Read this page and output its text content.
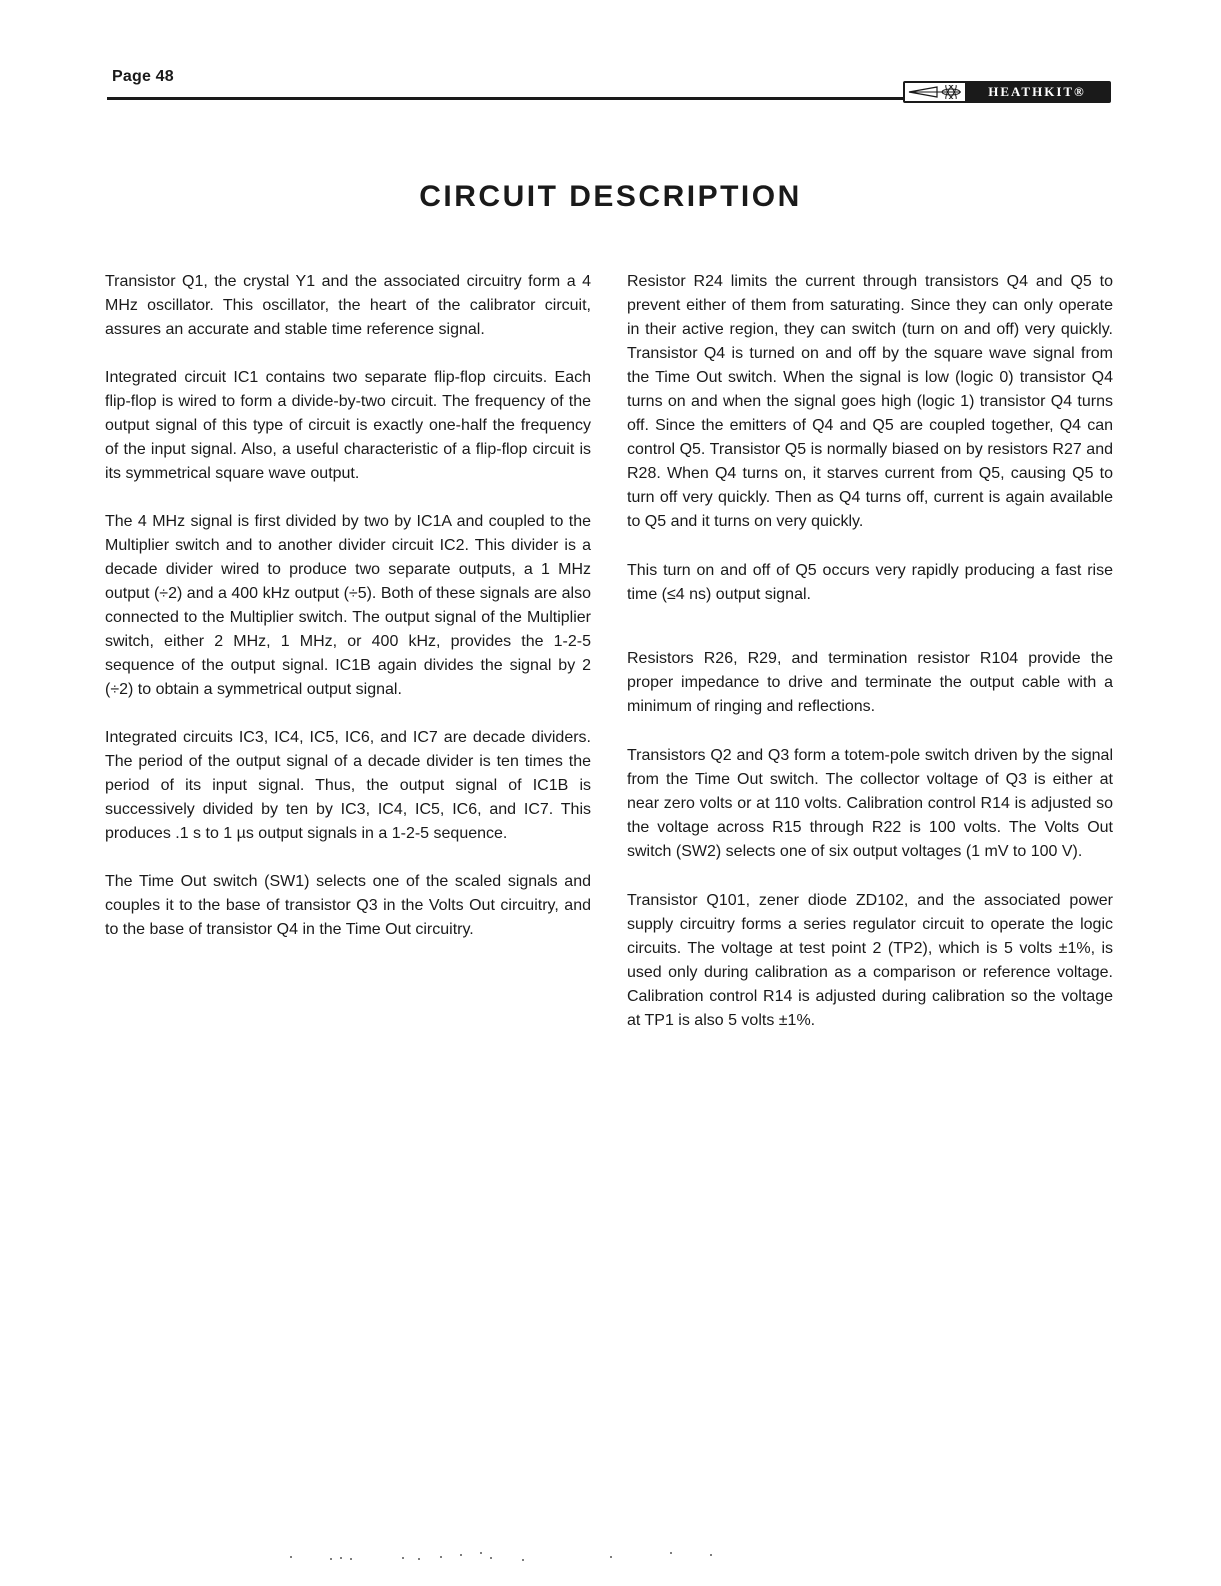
Page 48
HEATHKIT®
CIRCUIT DESCRIPTION

Transistor Q1, the crystal Y1 and the associated circuitry form a 4 MHz oscillator. This oscillator, the heart of the calibrator circuit, assures an accurate and stable time reference signal.

Integrated circuit IC1 contains two separate flip-flop circuits. Each flip-flop is wired to form a divide-by-two circuit. The frequency of the output signal of this type of circuit is exactly one-half the frequency of the input signal. Also, a useful characteristic of a flip-flop circuit is its symmetrical square wave output.

The 4 MHz signal is first divided by two by IC1A and coupled to the Multiplier switch and to another divider circuit IC2. This divider is a decade divider wired to produce two separate outputs, a 1 MHz output (÷2) and a 400 kHz output (÷5). Both of these signals are also connected to the Multiplier switch. The output signal of the Multiplier switch, either 2 MHz, 1 MHz, or 400 kHz, provides the 1-2-5 sequence of the output signal. IC1B again divides the signal by 2 (÷2) to obtain a symmetrical output signal.

Integrated circuits IC3, IC4, IC5, IC6, and IC7 are decade dividers. The period of the output signal of a decade divider is ten times the period of its input signal. Thus, the output signal of IC1B is successively divided by ten by IC3, IC4, IC5, IC6, and IC7. This produces .1 s to 1 µs output signals in a 1-2-5 sequence.

The Time Out switch (SW1) selects one of the scaled signals and couples it to the base of transistor Q3 in the Volts Out circuitry, and to the base of transistor Q4 in the Time Out circuitry.

Resistor R24 limits the current through transistors Q4 and Q5 to prevent either of them from saturating. Since they can only operate in their active region, they can switch (turn on and off) very quickly. Transistor Q4 is turned on and off by the square wave signal from the Time Out switch. When the signal is low (logic 0) transistor Q4 turns on and when the signal goes high (logic 1) transistor Q4 turns off. Since the emitters of Q4 and Q5 are coupled together, Q4 can control Q5. Transistor Q5 is normally biased on by resistors R27 and R28. When Q4 turns on, it starves current from Q5, causing Q5 to turn off very quickly. Then as Q4 turns off, current is again available to Q5 and it turns on very quickly.

This turn on and off of Q5 occurs very rapidly producing a fast rise time (≤4 ns) output signal.

Resistors R26, R29, and termination resistor R104 provide the proper impedance to drive and terminate the output cable with a minimum of ringing and reflections.

Transistors Q2 and Q3 form a totem-pole switch driven by the signal from the Time Out switch. The collector voltage of Q3 is either at near zero volts or at 110 volts. Calibration control R14 is adjusted so the voltage across R15 through R22 is 100 volts. The Volts Out switch (SW2) selects one of six output voltages (1 mV to 100 V).

Transistor Q101, zener diode ZD102, and the associated power supply circuitry forms a series regulator circuit to operate the logic circuits. The voltage at test point 2 (TP2), which is 5 volts ±1%, is used only during calibration as a comparison or reference voltage. Calibration control R14 is adjusted during calibration so the voltage at TP1 is also 5 volts ±1%.
